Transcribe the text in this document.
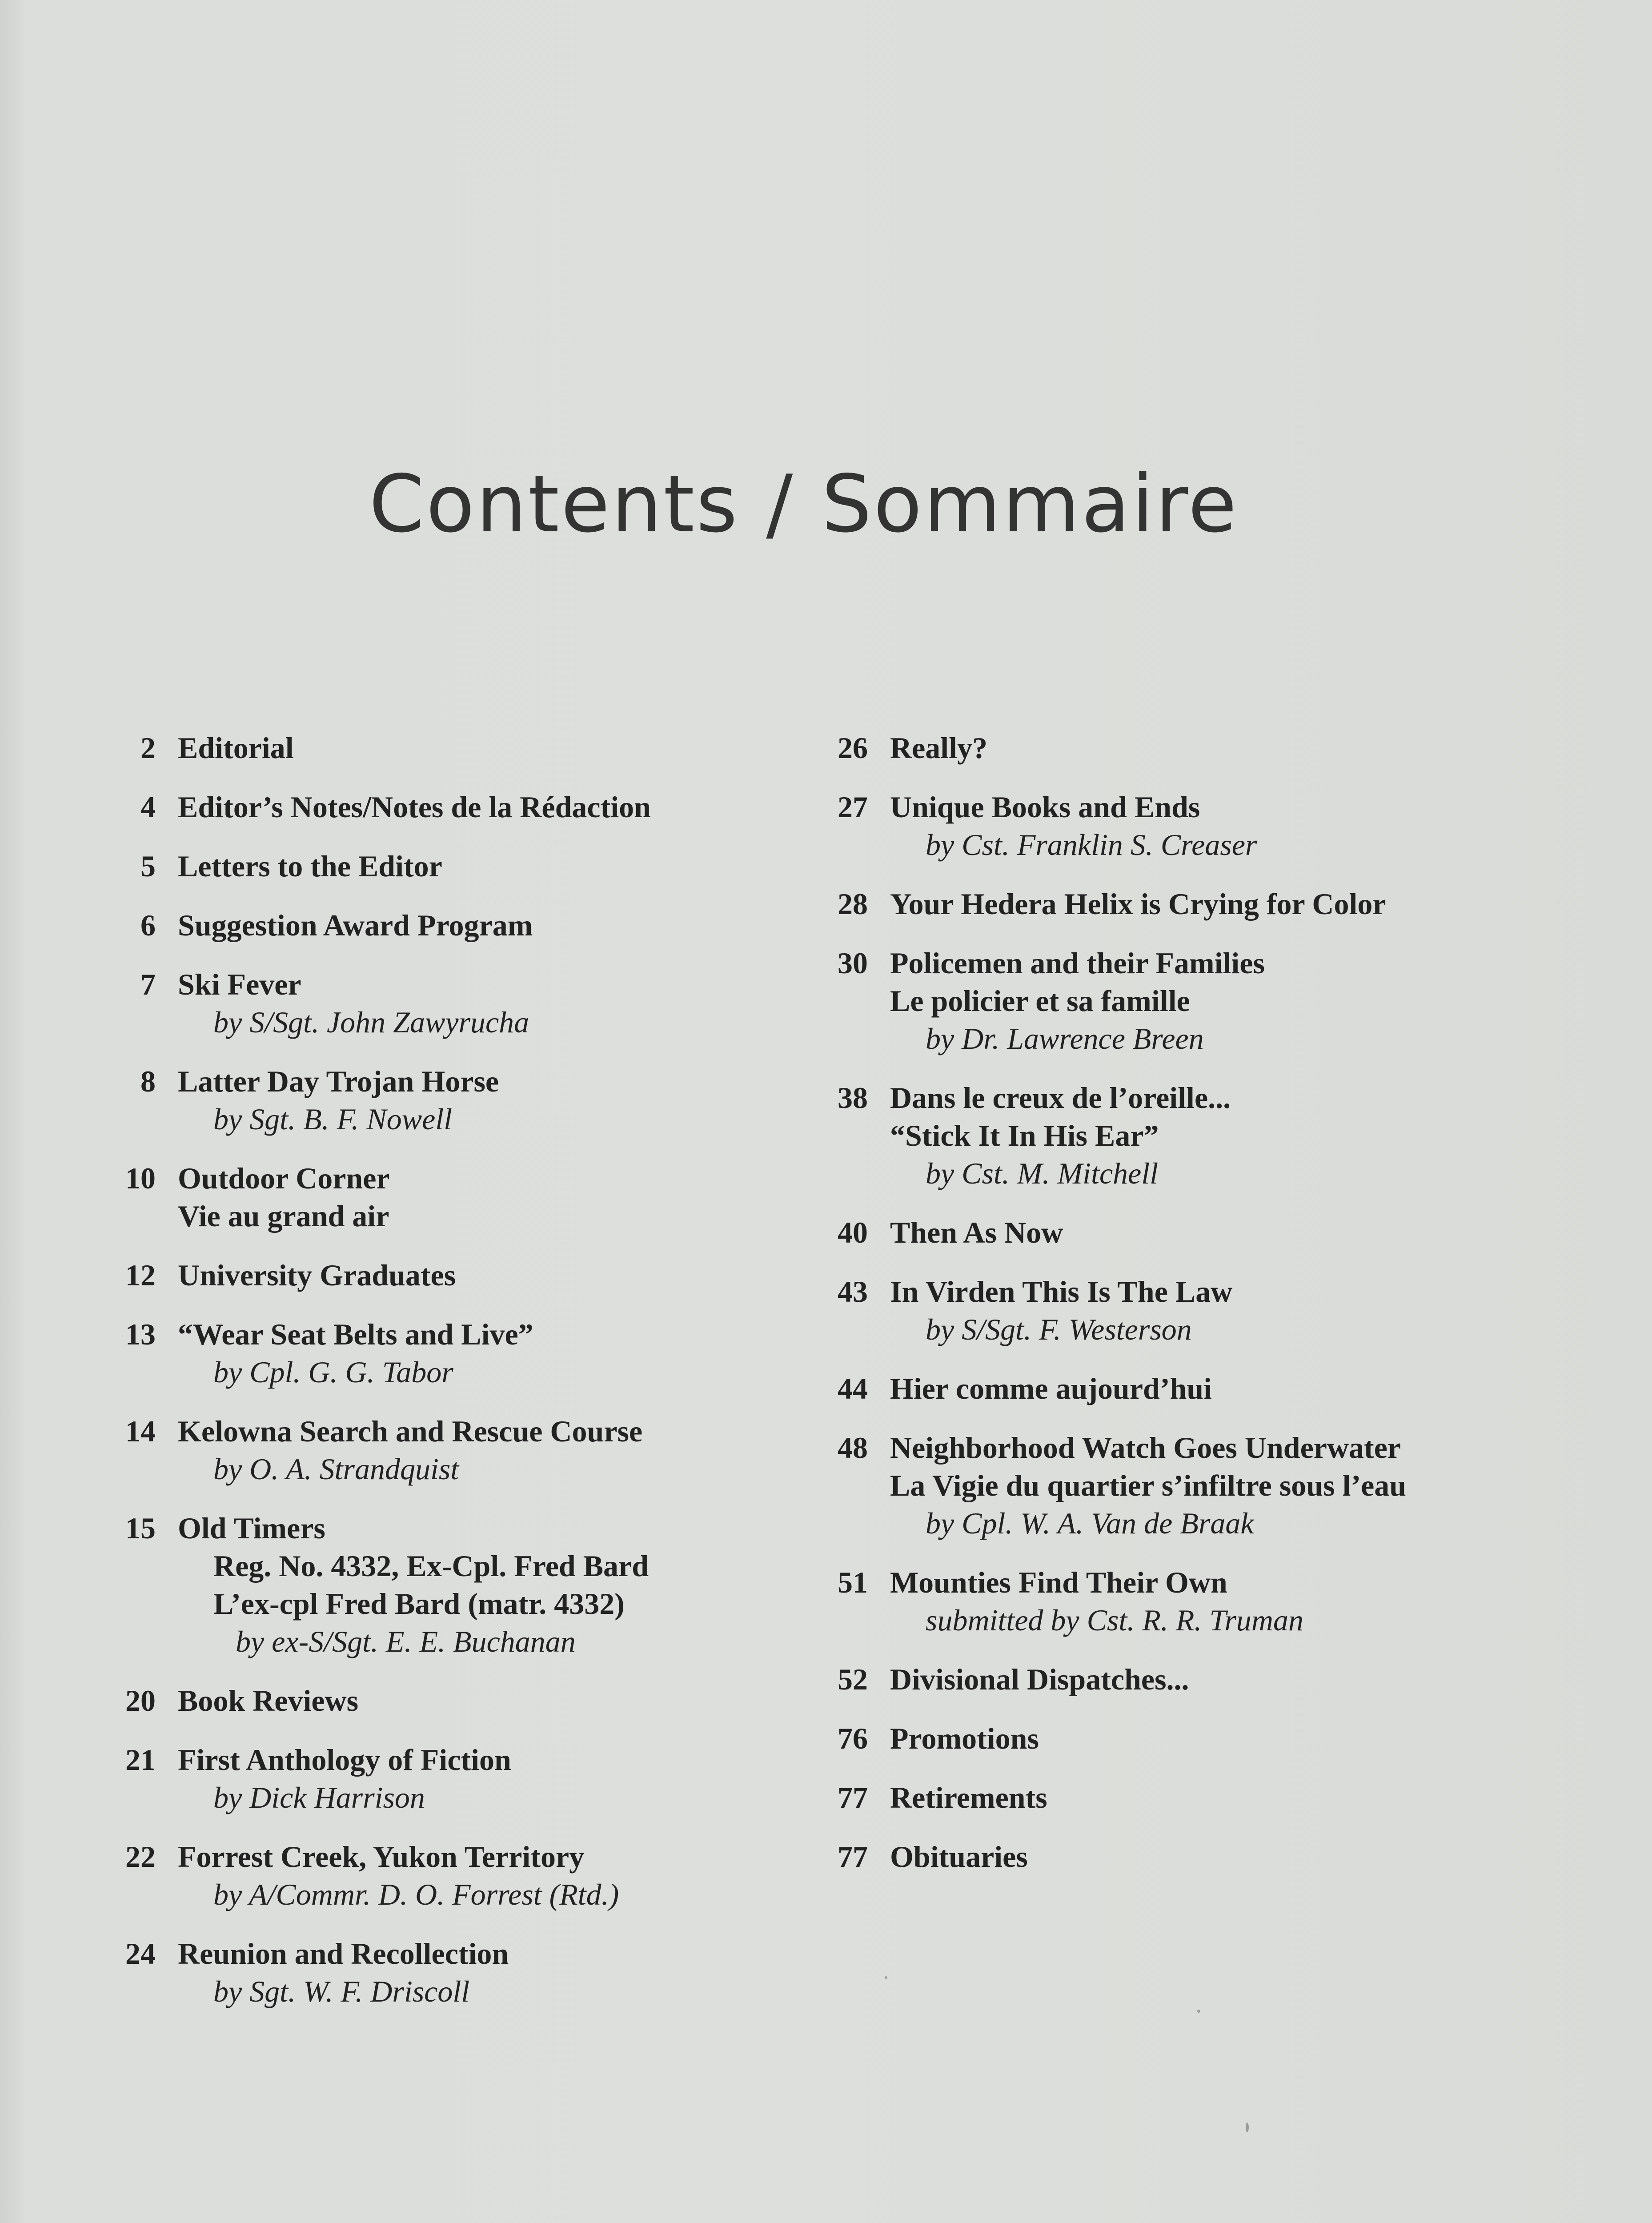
Contents / Sommaire
2 Editorial
4 Editor’s Notes/Notes de la Rédaction
5 Letters to the Editor
6 Suggestion Award Program
7 Ski Fever
by S/Sgt. John Zawyrucha
8 Latter Day Trojan Horse
by Sgt. B. F. Nowell
10 Outdoor Corner
Vie au grand air
12 University Graduates
13 “Wear Seat Belts and Live”
by Cpl. G. G. Tabor
14 Kelowna Search and Rescue Course
by O. A. Strandquist
15 Old Timers
Reg. No. 4332, Ex-Cpl. Fred Bard
L’ex-cpl Fred Bard (matr. 4332)
by ex-S/Sgt. E. E. Buchanan
20 Book Reviews
21 First Anthology of Fiction
by Dick Harrison
22 Forrest Creek, Yukon Territory
by A/Commr. D. O. Forrest (Rtd.)
24 Reunion and Recollection
by Sgt. W. F. Driscoll
26 Really?
27 Unique Books and Ends
by Cst. Franklin S. Creaser
28 Your Hedera Helix is Crying for Color
30 Policemen and their Families
Le policier et sa famille
by Dr. Lawrence Breen
38 Dans le creux de l’oreille...
“Stick It In His Ear”
by Cst. M. Mitchell
40 Then As Now
43 In Virden This Is The Law
by S/Sgt. F. Westerson
44 Hier comme aujourd’hui
48 Neighborhood Watch Goes Underwater
La Vigie du quartier s’infiltre sous l’eau
by Cpl. W. A. Van de Braak
51 Mounties Find Their Own
submitted by Cst. R. R. Truman
52 Divisional Dispatches...
76 Promotions
77 Retirements
77 Obituaries
